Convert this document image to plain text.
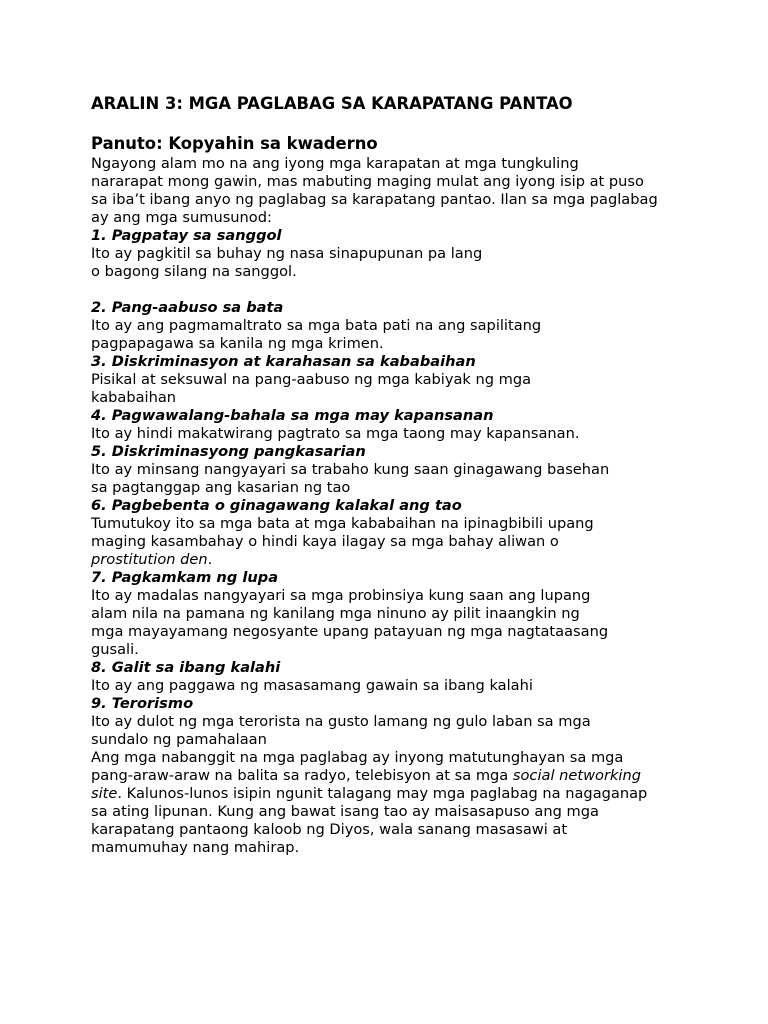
ARALIN 3: MGA PAGLABAG SA KARAPATANG PANTAO
Panuto: Kopyahin sa kwaderno
Ngayong alam mo na ang iyong mga karapatan at mga tungkuling
nararapat mong gawin, mas mabuting maging mulat ang iyong isip at puso
sa iba’t ibang anyo ng paglabag sa karapatang pantao. Ilan sa mga paglabag
ay ang mga sumusunod:
1. Pagpatay sa sanggol
Ito ay pagkitil sa buhay ng nasa sinapupunan pa lang
o bagong silang na sanggol.
2. Pang-aabuso sa bata
Ito ay ang pagmamaltrato sa mga bata pati na ang sapilitang
pagpapagawa sa kanila ng mga krimen.
3. Diskriminasyon at karahasan sa kababaihan
Pisikal at seksuwal na pang-aabuso ng mga kabiyak ng mga
kababaihan
4. Pagwawalang-bahala sa mga may kapansanan
Ito ay hindi makatwirang pagtrato sa mga taong may kapansanan.
5. Diskriminasyong pangkasarian
Ito ay minsang nangyayari sa trabaho kung saan ginagawang basehan
sa pagtanggap ang kasarian ng tao
6. Pagbebenta o ginagawang kalakal ang tao
Tumutukoy ito sa mga bata at mga kababaihan na ipinagbibili upang
maging kasambahay o hindi kaya ilagay sa mga bahay aliwan o
prostitution den.
7. Pagkamkam ng lupa
Ito ay madalas nangyayari sa mga probinsiya kung saan ang lupang
alam nila na pamana ng kanilang mga ninuno ay pilit inaangkin ng
mga mayayamang negosyante upang patayuan ng mga nagtataasang
gusali.
8. Galit sa ibang kalahi
Ito ay ang paggawa ng masasamang gawain sa ibang kalahi
9. Terorismo
Ito ay dulot ng mga terorista na gusto lamang ng gulo laban sa mga
sundalo ng pamahalaan
Ang mga nabanggit na mga paglabag ay inyong matutunghayan sa mga
pang-araw-araw na balita sa radyo, telebisyon at sa mga social networking
site. Kalunos-lunos isipin ngunit talagang may mga paglabag na nagaganap
sa ating lipunan. Kung ang bawat isang tao ay maisasapuso ang mga
karapatang pantaong kaloob ng Diyos, wala sanang masasawi at
mamumuhay nang mahirap.
